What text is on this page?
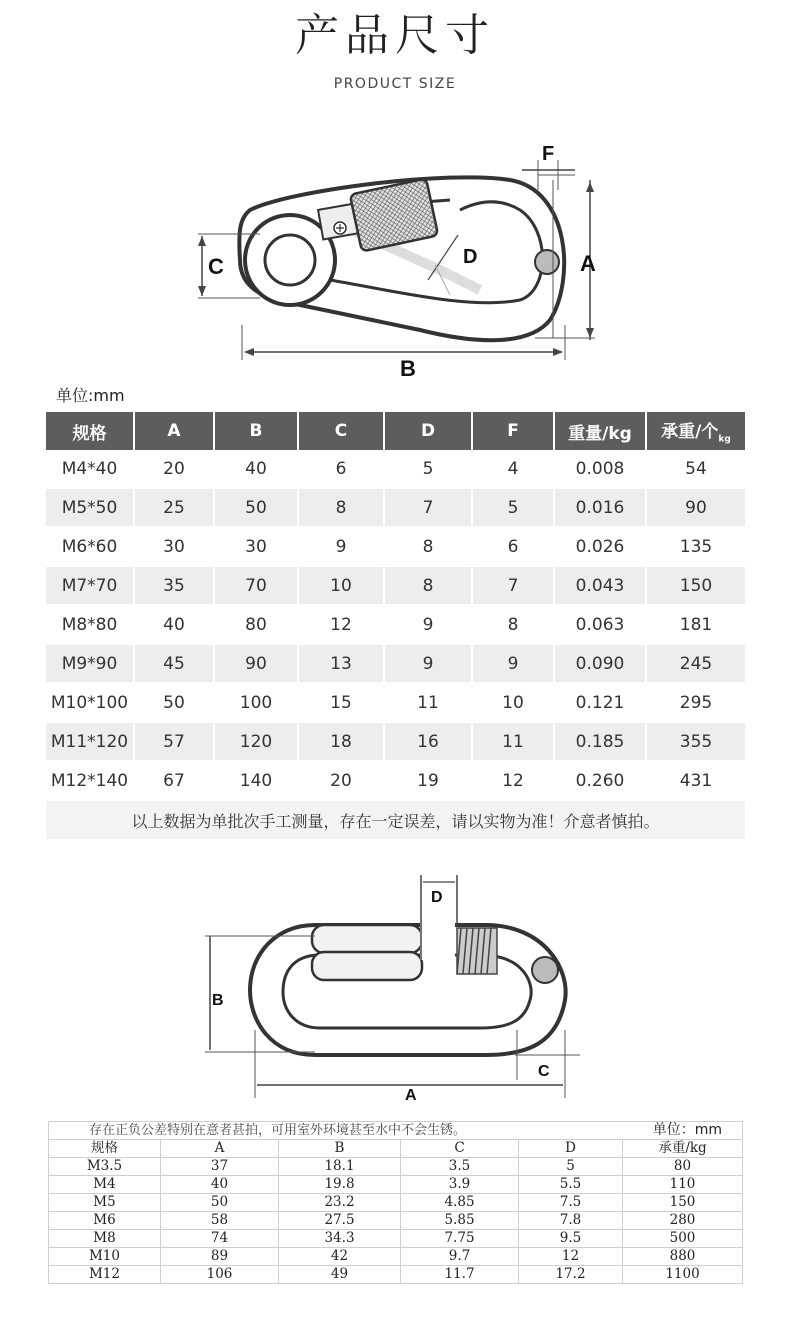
产品尺寸
PRODUCT SIZE
A
B
C	D
F
单位:mm
规格	A	B	C	D	F	重量/kg	承重/个$_{kg}$
M4*40	20	40	6	5	4	0.008	54
M5*50	25	50	8	7	5	0.016	90
M6*60	30	30	9	8	6	0.026	135
M7*70	35	70	10	8	7	0.043	150
M8*80	40	80	12	9	8	0.063	181
M9*90	45	90	13	9	9	0.090	245
M10*100	50	100	15	11	10	0.121	295
M11*120	57	120	18	16	11	0.185	355
M12*140	67	140	20	19	12	0.260	431
以上数据为单批次手工测量，存在一定误差，请以实物为准！介意者慎拍。							
A
B
C
D
存在正负公差特别在意者甚拍，可用室外环境甚至水中不会生锈。					单位：mm
规格	A	B	C	D	承重/kg
M3.5	37	18.1	3.5	5	80
M4	40	19.8	3.9	5.5	110
M5	50	23.2	4.85	7.5	150
M6	58	27.5	5.85	7.8	280
M8	74	34.3	7.75	9.5	500
M10	89	42	9.7	12	880
M12	106	49	11.7	17.2	1100
